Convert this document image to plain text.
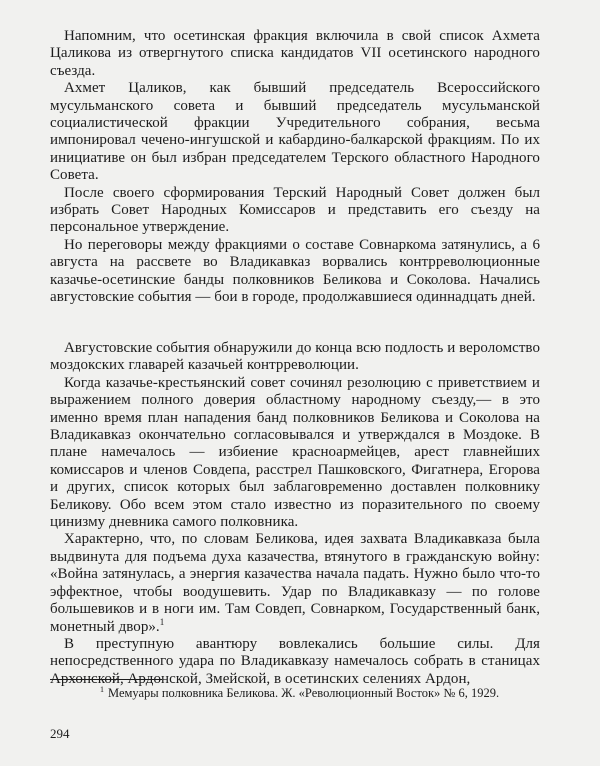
Напомним, что осетинская фракция включила в свой список Ахмета Цаликова из отвергнутого списка кандидатов VII осетинского народного съезда.

Ахмет Цаликов, как бывший председатель Всероссийского мусульманского совета и бывший председатель мусульманской социалистической фракции Учредительного собрания, весьма импонировал чечено-ингушской и кабардино-балкарской фракциям. По их инициативе он был избран председателем Терского областного Народного Совета.

После своего сформирования Терский Народный Совет должен был избрать Совет Народных Комиссаров и представить его съезду на персональное утверждение.

Но переговоры между фракциями о составе Совнаркома затянулись, а 6 августа на рассвете во Владикавказ ворвались контрреволюционные казачье-осетинские банды полковников Беликова и Соколова. Начались августовские события — бои в городе, продолжавшиеся одиннадцать дней.

Августовские события обнаружили до конца всю подлость и вероломство моздокских главарей казачьей контрреволюции.

Когда казачье-крестьянский совет сочинял резолюцию с приветствием и выражением полного доверия областному народному съезду,— в это именно время план нападения банд полковников Беликова и Соколова на Владикавказ окончательно согласовывался и утверждался в Моздоке. В плане намечалось — избиение красноармейцев, арест главнейших комиссаров и членов Совдепа, расстрел Пашковского, Фигатнера, Егорова и других, список которых был заблаговременно доставлен полковнику Беликову. Обо всем этом стало известно из поразительного по своему цинизму дневника самого полковника.

Характерно, что, по словам Беликова, идея захвата Владикавказа была выдвинута для подъема духа казачества, втянутого в гражданскую войну: «Война затянулась, а энергия казачества начала падать. Нужно было что-то эффектное, чтобы воодушевить. Удар по Владикавказу — по голове большевиков и в ноги им. Там Совдеп, Совнарком, Государственный банк, монетный двор».$^1$

В преступную авантюру вовлекались большие силы. Для непосредственного удара по Владикавказу намечалось собрать в станицах Архонской, Ардонской, Змейской, в осетинских селениях Ардон,

$^1$ Мемуары полковника Беликова. Ж. «Революционный Восток» № 6, 1929.
294
